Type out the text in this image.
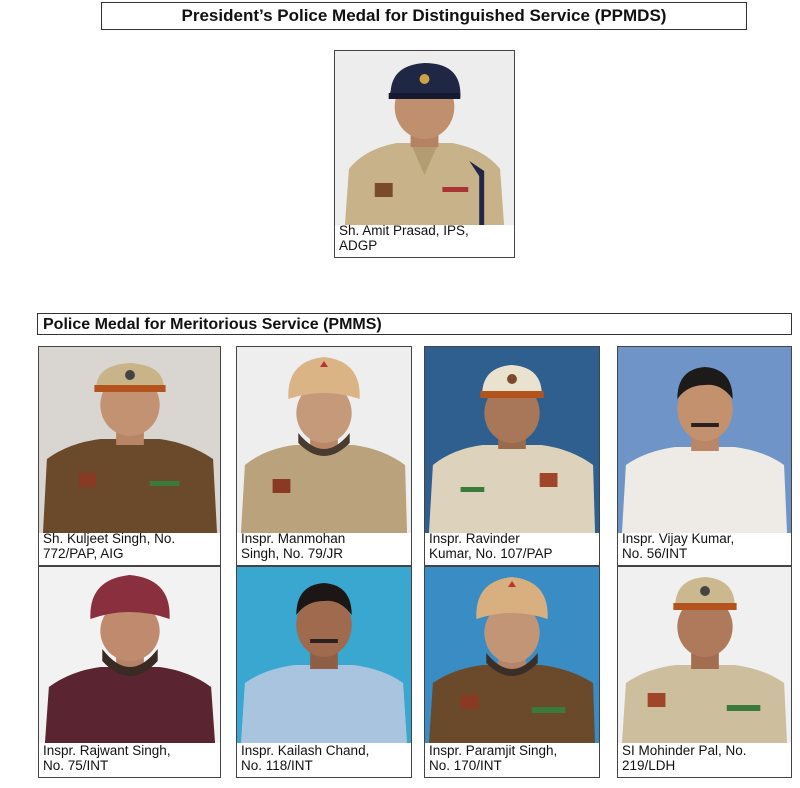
President’s Police Medal for Distinguished Service (PPMDS)
Sh. Amit Prasad, IPS,
ADGP
Police Medal for Meritorious Service (PMMS)
Sh. Kuljeet Singh, No.
772/PAP, AIG
Inspr. Manmohan
Singh, No. 79/JR
Inspr. Ravinder
Kumar, No. 107/PAP
Inspr. Vijay Kumar,
No. 56/INT
Inspr. Rajwant Singh,
No. 75/INT
Inspr. Kailash Chand,
No. 118/INT
Inspr. Paramjit Singh,
No. 170/INT
SI Mohinder Pal, No.
219/LDH
